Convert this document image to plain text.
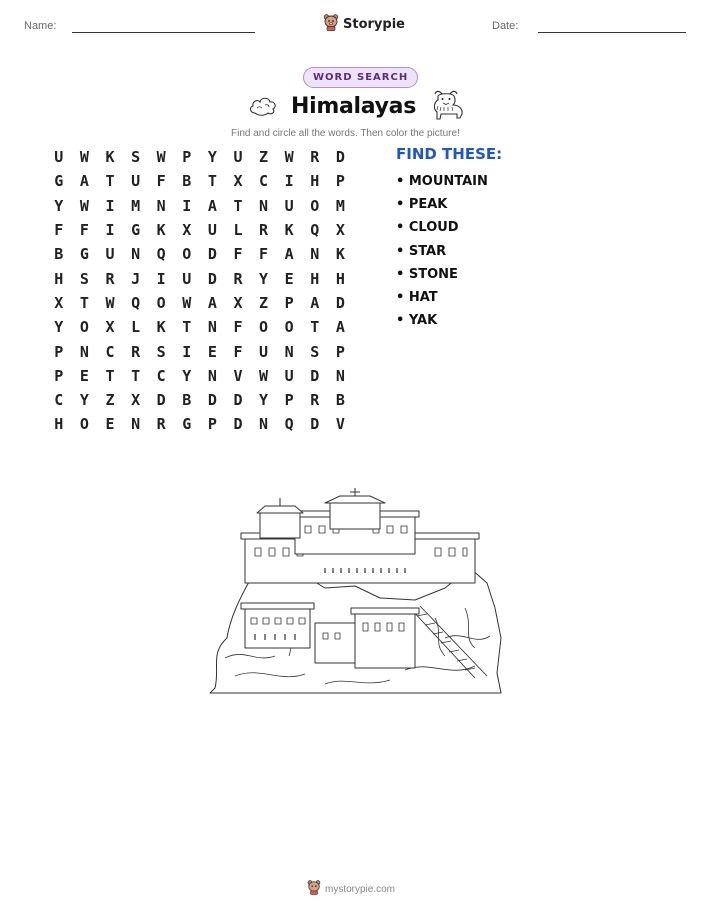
Name:	Storypie	Date:
WORD SEARCH
Himalayas
Find and circle all the words. Then color the picture!
U	W	K	S	W	P	Y	U	Z	W	R	D
G	A	T	U	F	B	T	X	C	I	H	P
Y	W	I	M	N	I	A	T	N	U	O	M
F	F	I	G	K	X	U	L	R	K	Q	X
B	G	U	N	Q	O	D	F	F	A	N	K
H	S	R	J	I	U	D	R	Y	E	H	H
X	T	W	Q	O	W	A	X	Z	P	A	D
Y	O	X	L	K	T	N	F	O	O	T	A
P	N	C	R	S	I	E	F	U	N	S	P
P	E	T	T	C	Y	N	V	W	U	D	N
C	Y	Z	X	D	B	D	D	Y	P	R	B
H	O	E	N	R	G	P	D	N	Q	D	V
FIND THESE:
• MOUNTAIN
• PEAK
• CLOUD
• STAR
• STONE
• HAT
• YAK
mystorypie.com
